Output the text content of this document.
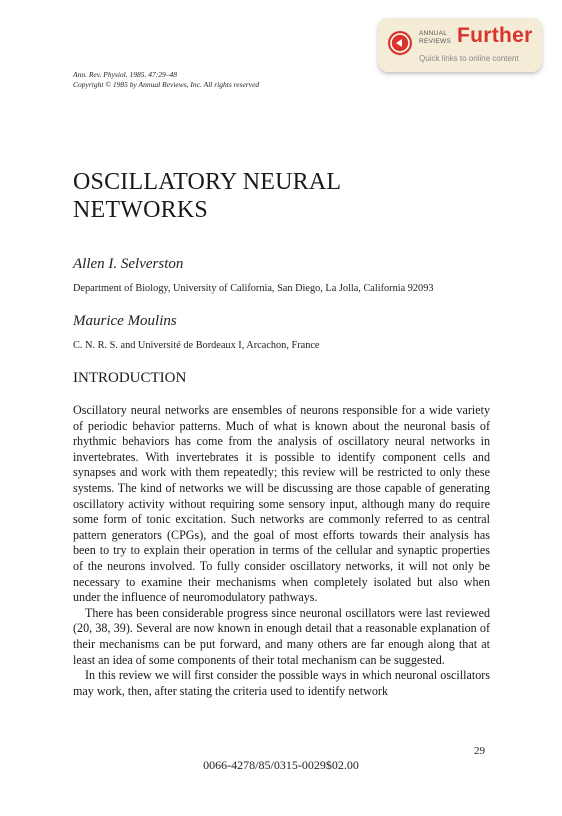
ANNUAL
REVIEWS Further
Quick links to online content
Ann. Rev. Physiol. 1985. 47:29–48
Copyright © 1985 by Annual Reviews, Inc. All rights reserved
OSCILLATORY NEURAL NETWORKS
Allen I. Selverston
Department of Biology, University of California, San Diego, La Jolla, California 92093
Maurice Moulins
C. N. R. S. and Université de Bordeaux I, Arcachon, France
INTRODUCTION

Oscillatory neural networks are ensembles of neurons responsible for a wide variety of periodic behavior patterns. Much of what is known about the neuronal basis of rhythmic behaviors has come from the analysis of oscillatory neural networks in invertebrates. With invertebrates it is possible to identify component cells and synapses and work with them repeatedly; this review will be restricted to only these systems. The kind of networks we will be discussing are those capable of generating oscillatory activity without requiring some sensory input, although many do require some form of tonic excitation. Such networks are commonly referred to as central pattern generators (CPGs), and the goal of most efforts towards their analysis has been to try to explain their operation in terms of the cellular and synaptic properties of the neurons involved. To fully consider oscillatory networks, it will not only be necessary to examine their mechanisms when completely isolated but also when under the influence of neuromodulatory pathways.

There has been considerable progress since neuronal oscillators were last reviewed (20, 38, 39). Several are now known in enough detail that a reasonable explanation of their mechanisms can be put forward, and many others are far enough along that at least an idea of some components of their total mechanism can be suggested.

In this review we will first consider the possible ways in which neuronal oscillators may work, then, after stating the criteria used to identify network

29
0066-4278/85/0315-0029$02.00
